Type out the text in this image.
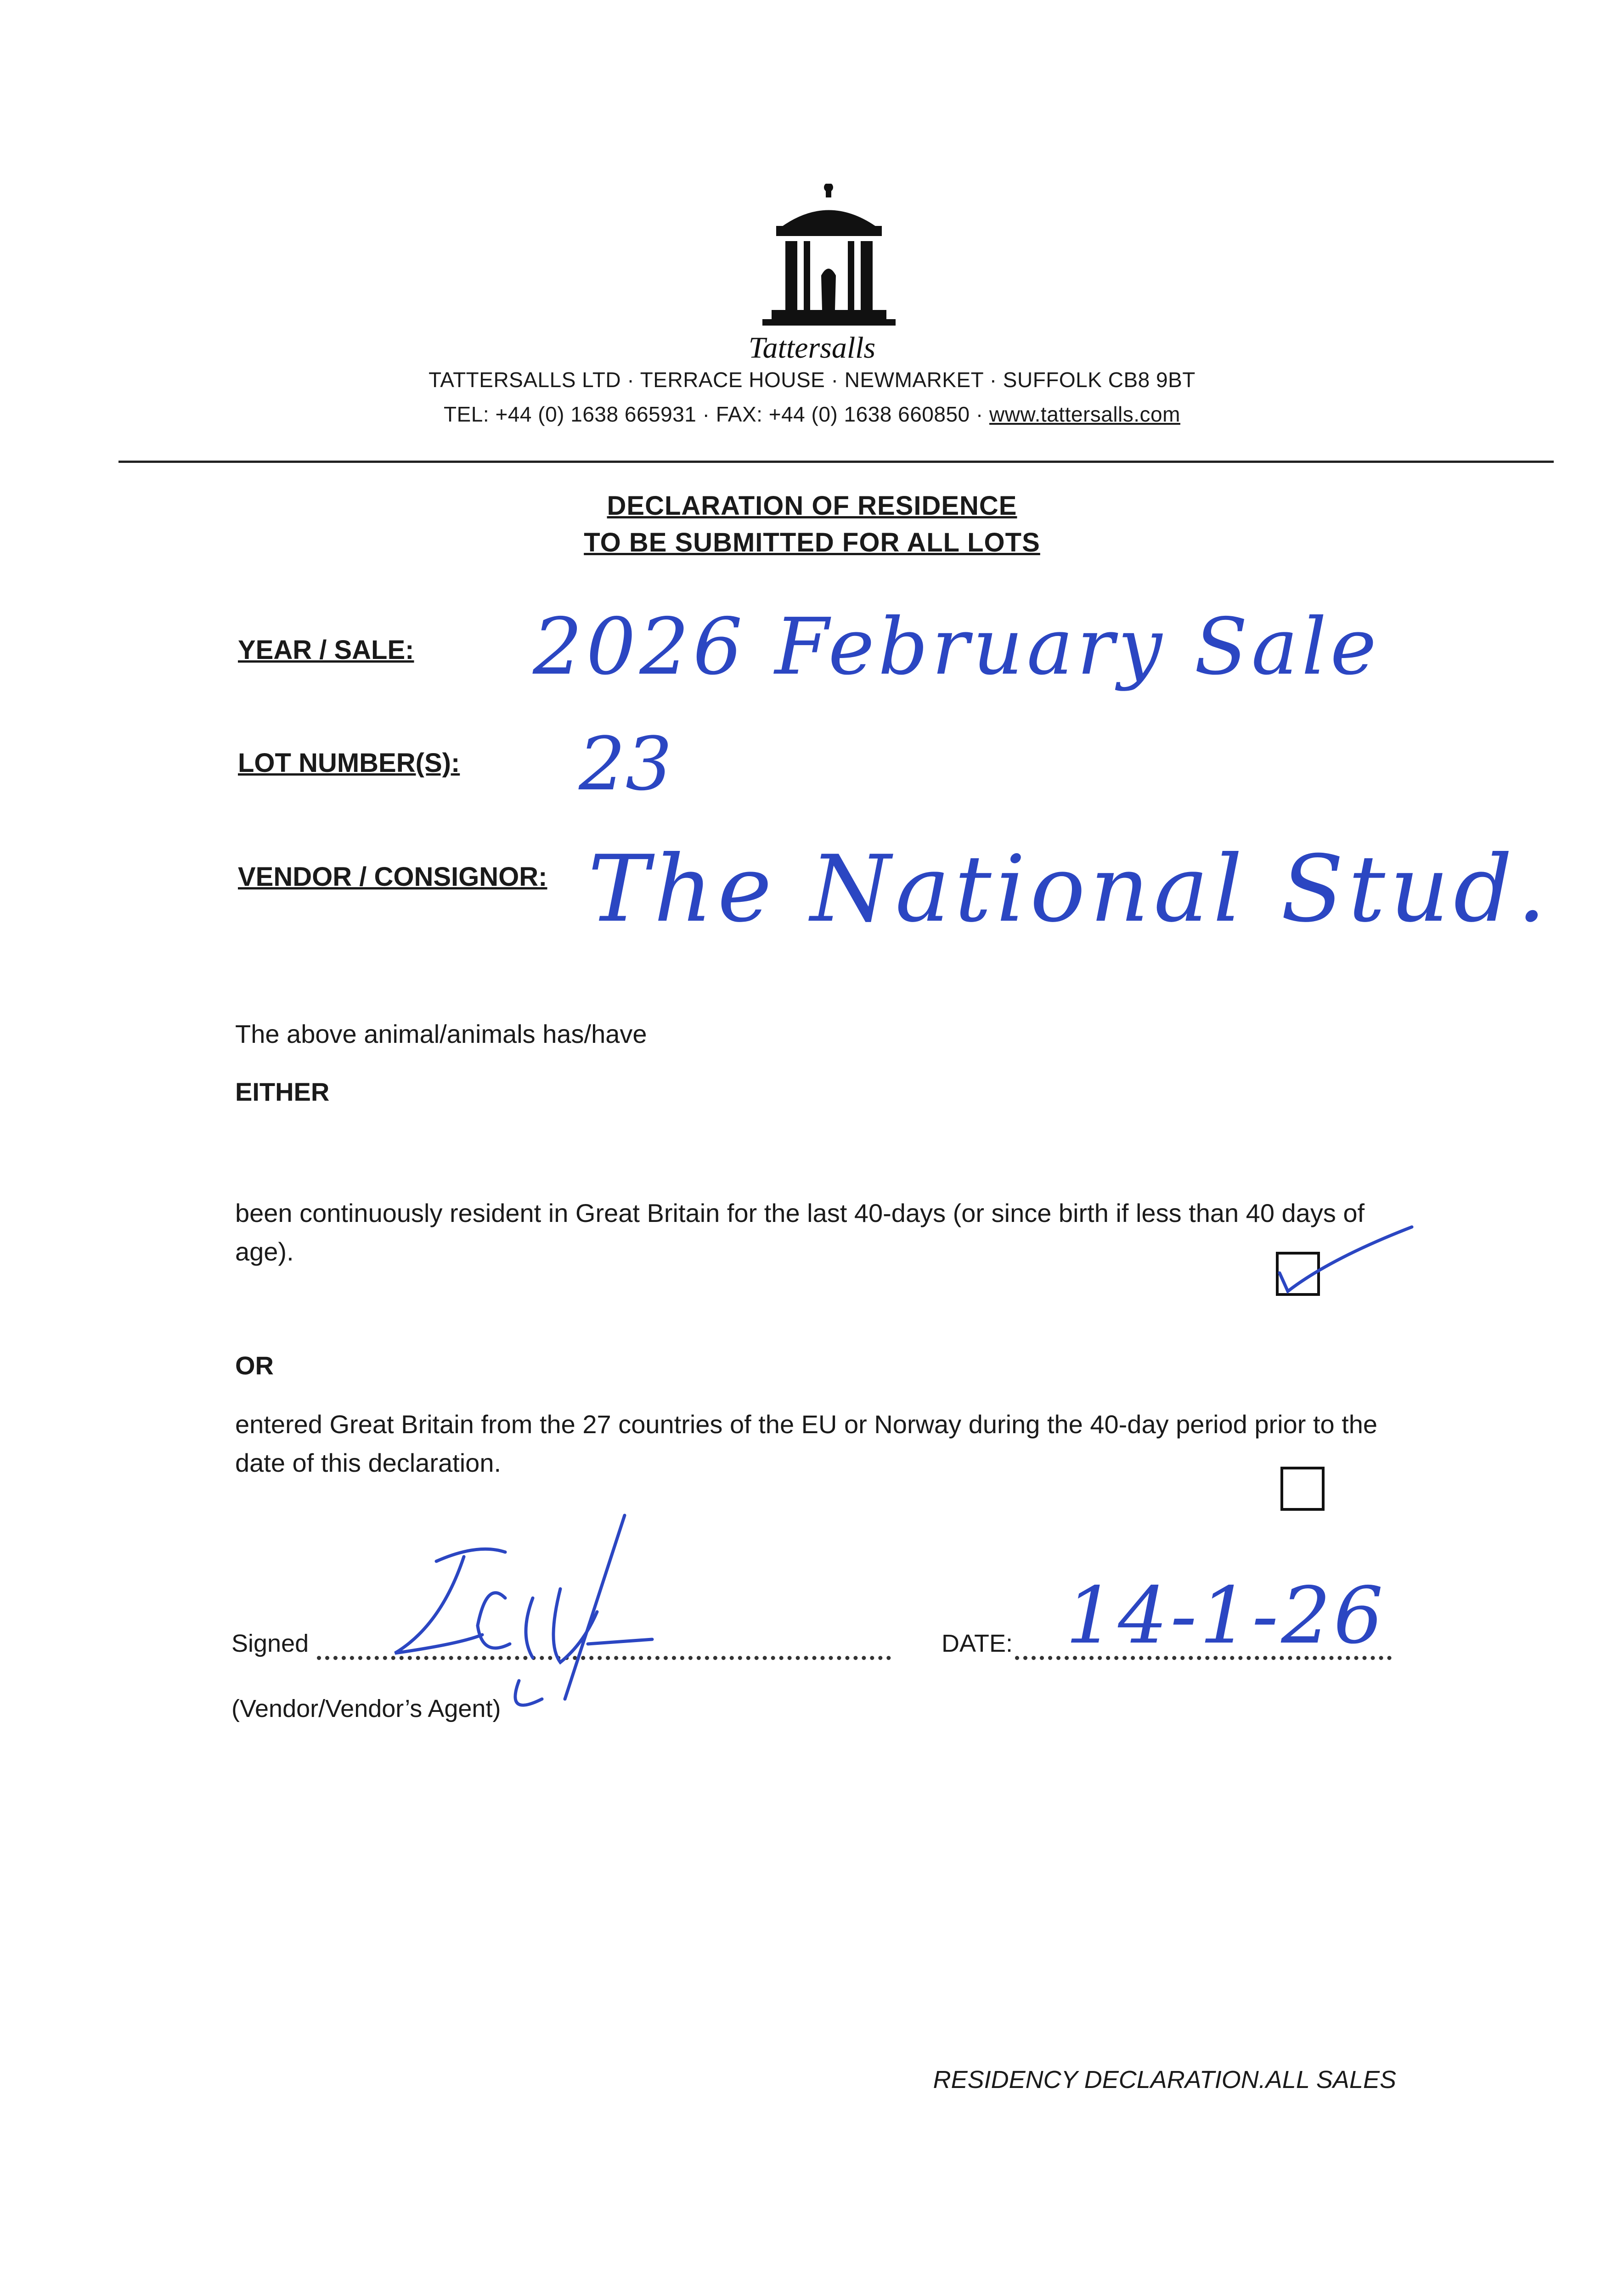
Tattersalls
TATTERSALLS LTD · TERRACE HOUSE · NEWMARKET · SUFFOLK CB8 9BT
TEL: +44 (0) 1638 665931 · FAX: +44 (0) 1638 660850 · www.tattersalls.com
DECLARATION OF RESIDENCE
TO BE SUBMITTED FOR ALL LOTS
YEAR / SALE: 2026 February Sale
LOT NUMBER(S): 23
VENDOR / CONSIGNOR: The National Stud.
The above animal/animals has/have
EITHER
been continuously resident in Great Britain for the last 40-days (or since birth if less than 40 days of age).
OR
entered Great Britain from the 27 countries of the EU or Norway during the 40-day period prior to the date of this declaration.
Signed	DATE: 14-1-26
(Vendor/Vendor’s Agent)
RESIDENCY DECLARATION.ALL SALES
